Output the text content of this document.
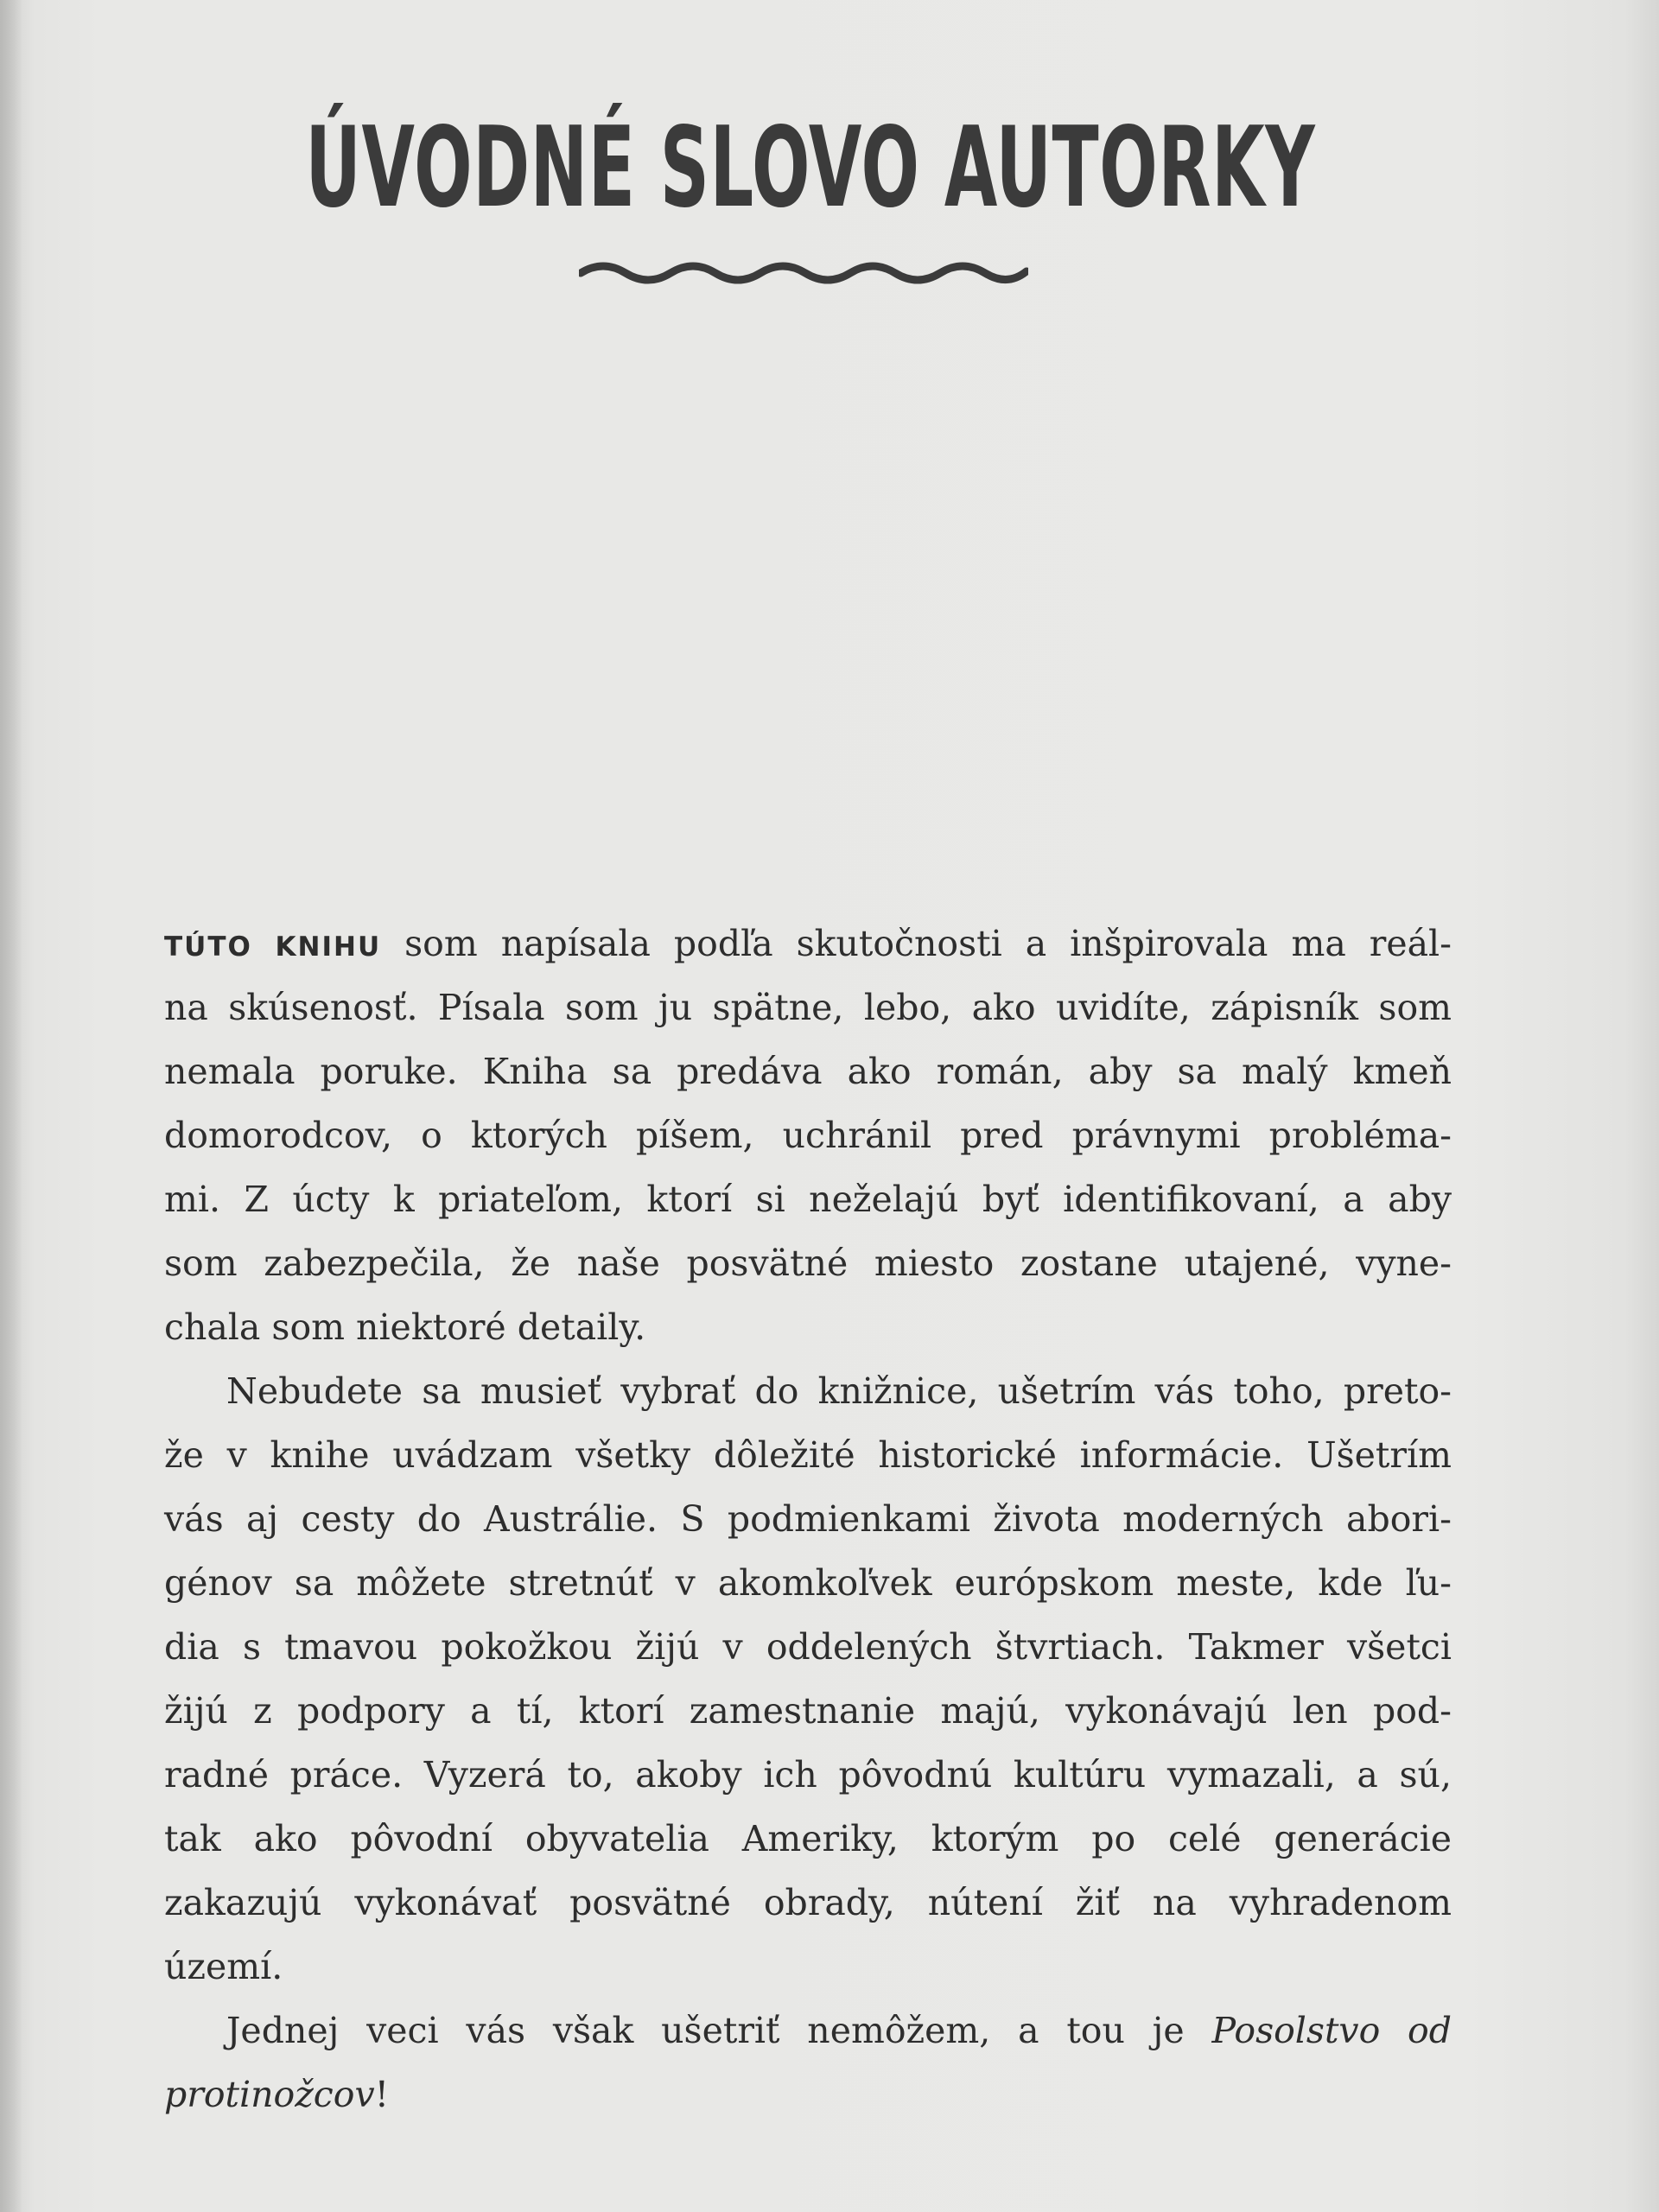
ÚVODNÉ SLOVO AUTORKY
TÚTO KNIHU som napísala podľa skutočnosti a inšpirovala ma reál-
na skúsenosť. Písala som ju spätne, lebo, ako uvidíte, zápisník som
nemala poruke. Kniha sa predáva ako román, aby sa malý kmeň
domorodcov, o ktorých píšem, uchránil pred právnymi probléma-
mi. Z úcty k priateľom, ktorí si neželajú byť identifikovaní, a aby
som zabezpečila, že naše posvätné miesto zostane utajené, vyne-
chala som niektoré detaily.
Nebudete sa musieť vybrať do knižnice, ušetrím vás toho, preto-
že v knihe uvádzam všetky dôležité historické informácie. Ušetrím
vás aj cesty do Austrálie. S podmienkami života moderných abori-
génov sa môžete stretnúť v akomkoľvek európskom meste, kde ľu-
dia s tmavou pokožkou žijú v oddelených štvrtiach. Takmer všetci
žijú z podpory a tí, ktorí zamestnanie majú, vykonávajú len pod-
radné práce. Vyzerá to, akoby ich pôvodnú kultúru vymazali, a sú,
tak ako pôvodní obyvatelia Ameriky, ktorým po celé generácie
zakazujú vykonávať posvätné obrady, nútení žiť na vyhradenom
území.
Jednej veci vás však ušetriť nemôžem, a tou je Posolstvo od
protinožcov!
